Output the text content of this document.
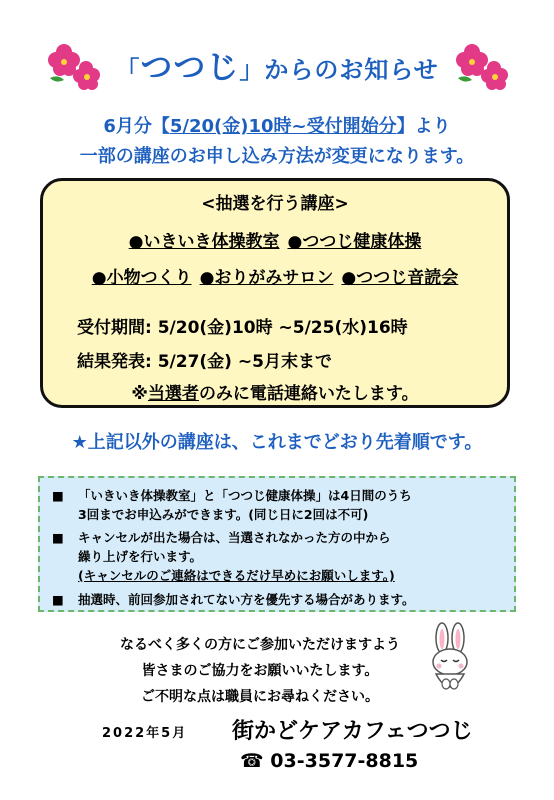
「つつじ」からのお知らせ
6月分【5/20(金)10時~受付開始分】より
一部の講座のお申し込み方法が変更になります。
<抽選を行う講座>
●いきいき体操教室 ●つつじ健康体操
●小物つくり ●おりがみサロン ●つつじ音読会
受付期間: 5/20(金)10時 ~5/25(水)16時
結果発表: 5/27(金) ~5月末まで
※当選者のみに電話連絡いたします。
★上記以外の講座は、これまでどおり先着順です。
■ 「いきいき体操教室」と「つつじ健康体操」は4日間のうち
3回までお申込みができます。(同じ日に2回は不可)
■ キャンセルが出た場合は、当選されなかった方の中から
繰り上げを行います。
(キャンセルのご連絡はできるだけ早めにお願いします。)
■ 抽選時、前回参加されてない方を優先する場合があります。
なるべく多くの方にご参加いただけますよう
皆さまのご協力をお願いいたします。
ご不明な点は職員にお尋ねください。
2022年5月 街かどケアカフェつつじ
☎ 03-3577-8815
